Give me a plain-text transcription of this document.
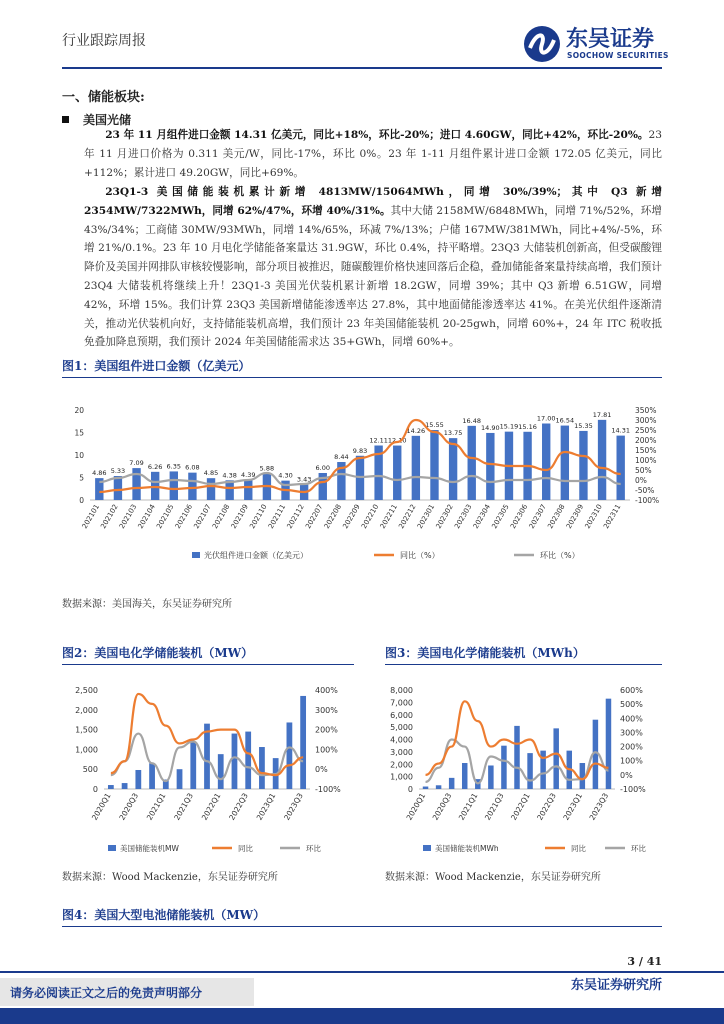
行业跟踪周报	东吴证券
SOOCHOW SECURITIES
一、储能板块:
美国光储
23 年 11 月组件进口金额 14.31 亿美元，同比+18%，环比-20%；进口 4.60GW，同比+42%，环比-20%。23 年 11 月进口价格为 0.311 美元/W，同比-17%，环比 0%。23 年 1-11 月组件累计进口金额 172.05 亿美元，同比+112%；累计进口 49.20GW，同比+69%。
23Q1-3 美国储能装机累计新增 4813MW/15064MWh，同增 30%/39%；其中 Q3 新增 2354MW/7322MWh，同增 62%/47%，环增 40%/31%。其中大储 2158MW/6848MWh，同增 71%/52%，环增 43%/34%；工商储 30MW/93MWh，同增 14%/65%，环减 7%/13%；户储 167MW/381MWh，同比+4%/-5%，环增 21%/0.1%。23 年 10 月电化学储能备案量达 31.9GW，环比 0.4%，持平略增。23Q3 大储装机创新高，但受碳酸锂降价及美国并网排队审核较慢影响，部分项目被推迟，随碳酸锂价格快速回落后企稳，叠加储能备案量持续高增，我们预计 23Q4 大储装机将继续上升！23Q1-3 美国光伏装机累计新增 18.2GW，同增 39%；其中 Q3 新增 6.51GW，同增 42%，环增 15%。我们计算 23Q3 美国新增储能渗透率达 27.8%，其中地面储能渗透率达 41%。在美光伏组件逐渐清关，推动光伏装机向好，支持储能装机高增，我们预计 23 年美国储能装机 20-25gwh，同增 60%+，24 年 ITC 税收抵免叠加降息预期，我们预计 2024 年美国储能需求达 35+GWh，同增 60%+。
图1：美国组件进口金额（亿美元）
0
5
10
15
20	350%
300%
250%
200%
150%
100%
50%
0%
-50%
-100%
4.86 5.33
7.09 6.26 6.35 6.08
4.85 4.38 4.39
5.88
4.30 3.43
6.00
8.44
9.83
12.11 12.10
14.26
15.55
13.75
16.48
14.90 15.19 15.16
17.00 16.54
15.35
17.81
14.31
202101
202102
202103
202104
202105
202106
202107
202108
202109
202110
202111
202112
202207
202208
202209
202210
202211
202212
202301
202302
202303
202304
202305
202306
202307
202308
202309
202310
202311
光伏组件进口金额（亿美元）	同比（%）	环比（%）
数据来源：美国海关，东吴证券研究所
图2：美国电化学储能装机（MW）
0
500
1,000
1,500
2,000
2,500	400%
300%
200%
100%
0%
-100%
2020Q1 2020Q3 2021Q1 2021Q3 2022Q1 2022Q3 2023Q1 2023Q3
美国储能装机MW	同比	环比
数据来源：Wood Mackenzie，东吴证券研究所
图3：美国电化学储能装机（MWh）
0
1,000
2,000
3,000
4,000
5,000
6,000
7,000
8,000	600%
500%
400%
300%
200%
100%
0%
-100%
2020Q1 2020Q3 2021Q1 2021Q3 2022Q1 2022Q3 2023Q1 2023Q3
美国储能装机MWh	同比	环比
数据来源：Wood Mackenzie，东吴证券研究所
图4：美国大型电池储能装机（MW）
3 / 41
请务必阅读正文之后的免责声明部分	东吴证券研究所
